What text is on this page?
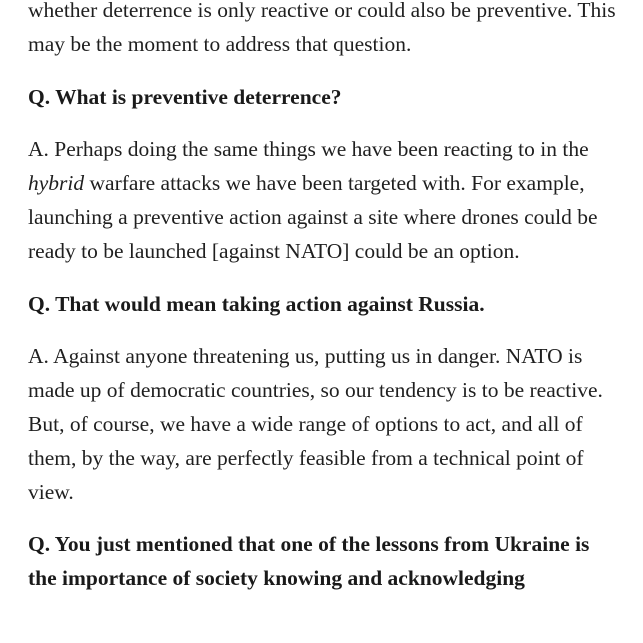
whether deterrence is only reactive or could also be preventive. This may be the moment to address that question.

Q. What is preventive deterrence?

A. Perhaps doing the same things we have been reacting to in the hybrid warfare attacks we have been targeted with. For example, launching a preventive action against a site where drones could be ready to be launched [against NATO] could be an option.

Q. That would mean taking action against Russia.

A. Against anyone threatening us, putting us in danger. NATO is made up of democratic countries, so our tendency is to be reactive. But, of course, we have a wide range of options to act, and all of them, by the way, are perfectly feasible from a technical point of view.

Q. You just mentioned that one of the lessons from Ukraine is the importance of society knowing and acknowledging
